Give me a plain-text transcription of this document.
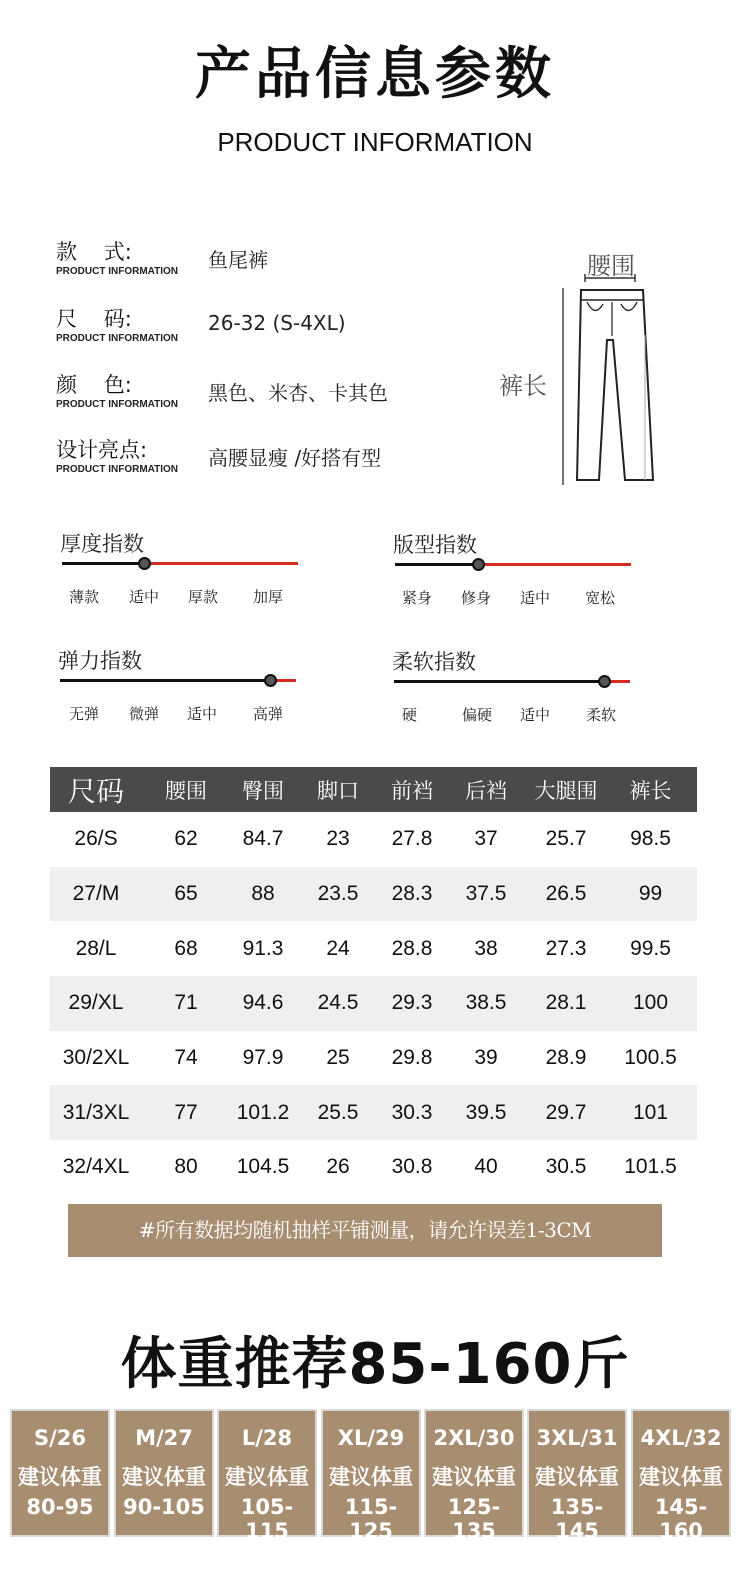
产品信息参数
PRODUCT INFORMATION
款    式:
PRODUCT INFORMATION 鱼尾裤
尺    码:
PRODUCT INFORMATION
26-32 (S-4XL)
颜    色:
PRODUCT INFORMATION 黑色、米杏、卡其色
设计亮点:
PRODUCT INFORMATION 高腰显瘦 /好搭有型
腰围
裤长
厚度指数
薄款 适中 厚款 加厚
版型指数
紧身 修身 适中 宽松
弹力指数
无弹 微弹 适中 高弹
柔软指数
硬	偏硬 适中 柔软
尺码	腰围	臀围	脚口	前裆	后裆	大腿围	裤长
26/S	62	84.7	23	27.8	37	25.7	98.5
27/M	65	88	23.5	28.3	37.5	26.5	99
28/L	68	91.3	24	28.8	38	27.3	99.5
29/XL	71	94.6	24.5	29.3	38.5	28.1	100
30/2XL	74	97.9	25	29.8	39	28.9	100.5
31/3XL	77	101.2	25.5	30.3	39.5	29.7	101
32/4XL	80	104.5	26	30.8	40	30.5	101.5
#所有数据均随机抽样平铺测量，请允许误差1-3CM
体重推荐85-160斤
S/26
建议体重
80-95
M/27
建议体重
90-105
L/28
建议体重
105-115
XL/29
建议体重
115-125
2XL/30
建议体重
125-135
3XL/31
建议体重
135-145
4XL/32
建议体重
145-160
